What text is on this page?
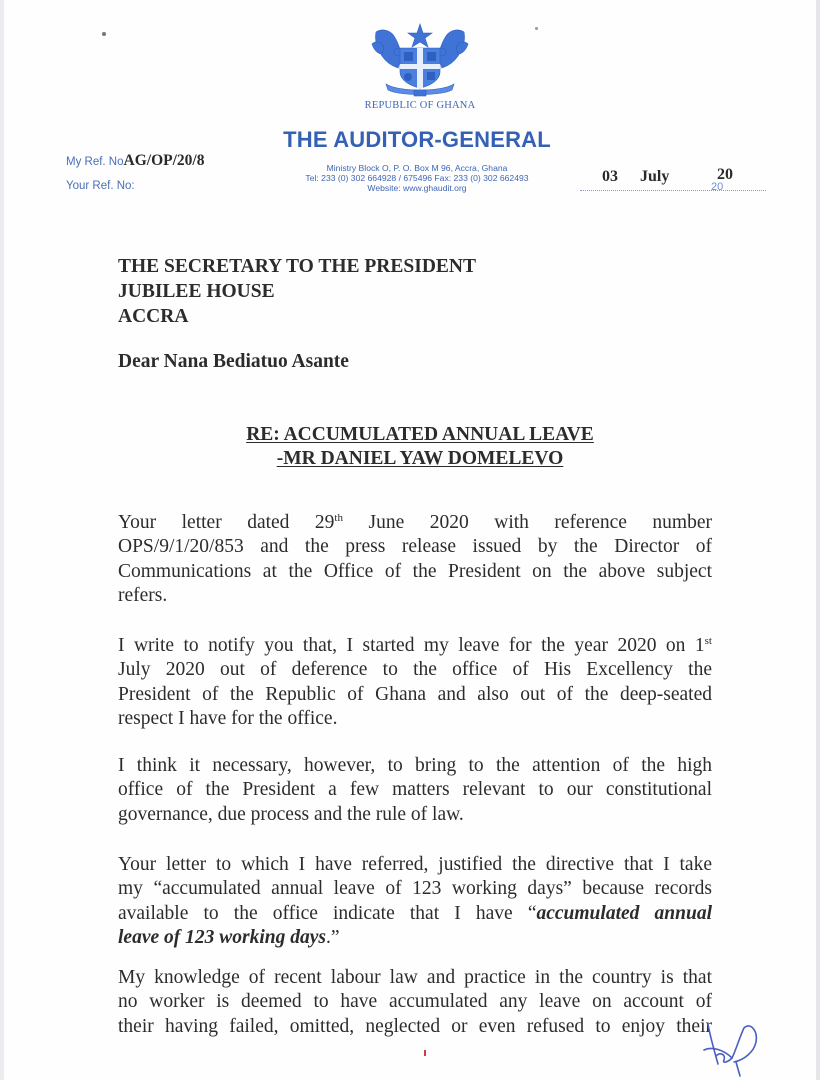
REPUBLIC OF GHANA
THE AUDITOR-GENERAL
Ministry Block O, P. O. Box M 96, Accra, Ghana
Tel: 233 (0) 302 664928 / 675496 Fax: 233 (0) 302 662493
Website: www.ghaudit.org
My Ref. NoAG/OP/20/8
Your Ref. No:
03 July
20
20
THE SECRETARY TO THE PRESIDENT
JUBILEE HOUSE
ACCRA
Dear Nana Bediatuo Asante
RE: ACCUMULATED ANNUAL LEAVE
-MR DANIEL YAW DOMELEVO
Your letter dated 29th June 2020 with reference number
OPS/9/1/20/853 and the press release issued by the Director of
Communications at the Office of the President on the above subject
refers.
I write to notify you that, I started my leave for the year 2020 on 1st
July 2020 out of deference to the office of His Excellency the
President of the Republic of Ghana and also out of the deep-seated
respect I have for the office.
I think it necessary, however, to bring to the attention of the high
office of the President a few matters relevant to our constitutional
governance, due process and the rule of law.
Your letter to which I have referred, justified the directive that I take
my “accumulated annual leave of 123 working days” because records
available to the office indicate that I have “accumulated annual
leave of 123 working days.”
My knowledge of recent labour law and practice in the country is that
no worker is deemed to have accumulated any leave on account of
their having failed, omitted, neglected or even refused to enjoy their
